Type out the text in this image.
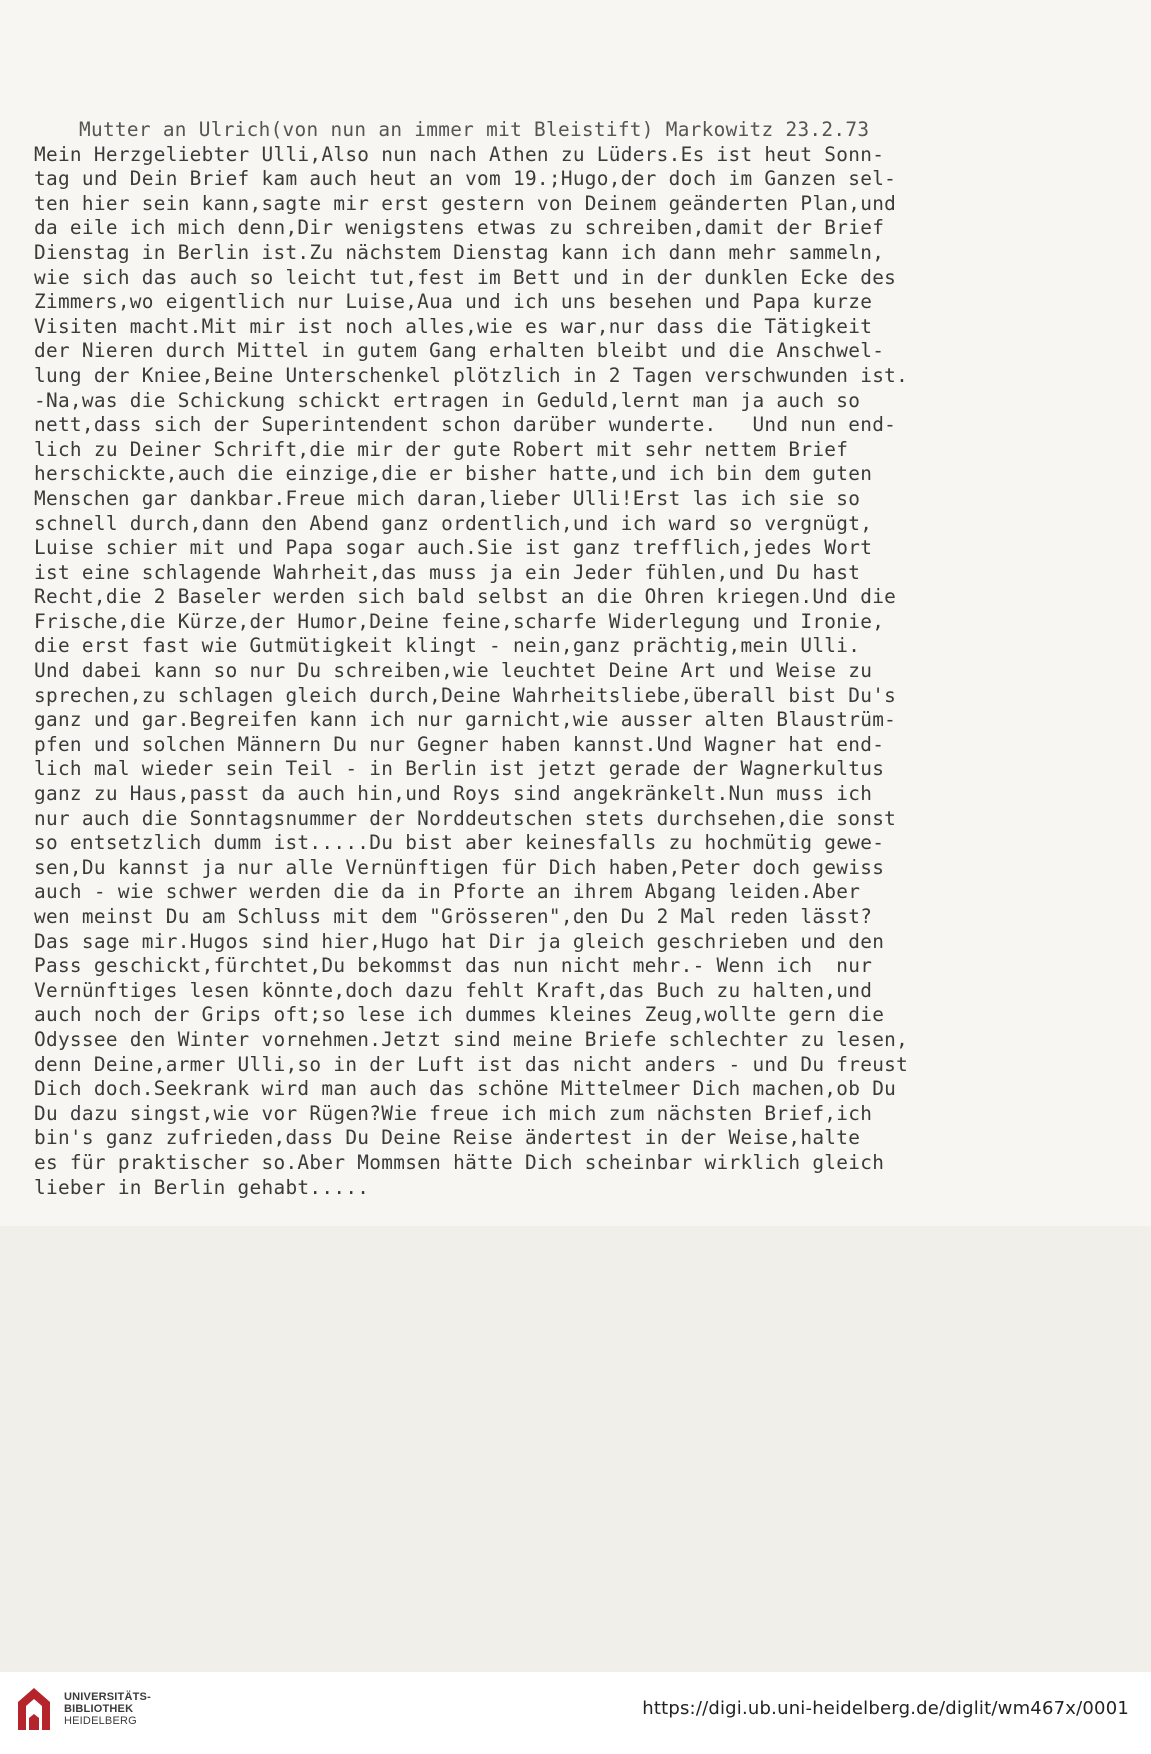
Mutter an Ulrich(von nun an immer mit Bleistift) Markowitz 23.2.73
Mein Herzgeliebter Ulli,Also nun nach Athen zu Lüders.Es ist heut Sonn-
tag und Dein Brief kam auch heut an vom 19.;Hugo,der doch im Ganzen sel-
ten hier sein kann,sagte mir erst gestern von Deinem geänderten Plan,und
da eile ich mich denn,Dir wenigstens etwas zu schreiben,damit der Brief
Dienstag in Berlin ist.Zu nächstem Dienstag kann ich dann mehr sammeln,
wie sich das auch so leicht tut,fest im Bett und in der dunklen Ecke des
Zimmers,wo eigentlich nur Luise,Aua und ich uns besehen und Papa kurze
Visiten macht.Mit mir ist noch alles,wie es war,nur dass die Tätigkeit
der Nieren durch Mittel in gutem Gang erhalten bleibt und die Anschwel-
lung der Kniee,Beine Unterschenkel plötzlich in 2 Tagen verschwunden ist.
-Na,was die Schickung schickt ertragen in Geduld,lernt man ja auch so
nett,dass sich der Superintendent schon darüber wunderte.   Und nun end-
lich zu Deiner Schrift,die mir der gute Robert mit sehr nettem Brief
herschickte,auch die einzige,die er bisher hatte,und ich bin dem guten
Menschen gar dankbar.Freue mich daran,lieber Ulli!Erst las ich sie so
schnell durch,dann den Abend ganz ordentlich,und ich ward so vergnügt,
Luise schier mit und Papa sogar auch.Sie ist ganz trefflich,jedes Wort
ist eine schlagende Wahrheit,das muss ja ein Jeder fühlen,und Du hast
Recht,die 2 Baseler werden sich bald selbst an die Ohren kriegen.Und die
Frische,die Kürze,der Humor,Deine feine,scharfe Widerlegung und Ironie,
die erst fast wie Gutmütigkeit klingt - nein,ganz prächtig,mein Ulli.
Und dabei kann so nur Du schreiben,wie leuchtet Deine Art und Weise zu
sprechen,zu schlagen gleich durch,Deine Wahrheitsliebe,überall bist Du's
ganz und gar.Begreifen kann ich nur garnicht,wie ausser alten Blaustrüm-
pfen und solchen Männern Du nur Gegner haben kannst.Und Wagner hat end-
lich mal wieder sein Teil - in Berlin ist jetzt gerade der Wagnerkultus
ganz zu Haus,passt da auch hin,und Roys sind angekränkelt.Nun muss ich
nur auch die Sonntagsnummer der Norddeutschen stets durchsehen,die sonst
so entsetzlich dumm ist.....Du bist aber keinesfalls zu hochmütig gewe-
sen,Du kannst ja nur alle Vernünftigen für Dich haben,Peter doch gewiss
auch - wie schwer werden die da in Pforte an ihrem Abgang leiden.Aber
wen meinst Du am Schluss mit dem "Grösseren",den Du 2 Mal reden lässt?
Das sage mir.Hugos sind hier,Hugo hat Dir ja gleich geschrieben und den
Pass geschickt,fürchtet,Du bekommst das nun nicht mehr.- Wenn ich  nur
Vernünftiges lesen könnte,doch dazu fehlt Kraft,das Buch zu halten,und
auch noch der Grips oft;so lese ich dummes kleines Zeug,wollte gern die
Odyssee den Winter vornehmen.Jetzt sind meine Briefe schlechter zu lesen,
denn Deine,armer Ulli,so in der Luft ist das nicht anders - und Du freust
Dich doch.Seekrank wird man auch das schöne Mittelmeer Dich machen,ob Du
Du dazu singst,wie vor Rügen?Wie freue ich mich zum nächsten Brief,ich
bin's ganz zufrieden,dass Du Deine Reise ändertest in der Weise,halte
es für praktischer so.Aber Mommsen hätte Dich scheinbar wirklich gleich
lieber in Berlin gehabt.....
UNIVERSITÄTS-
BIBLIOTHEK
HEIDELBERG
https://digi.ub.uni-heidelberg.de/diglit/wm467x/0001
